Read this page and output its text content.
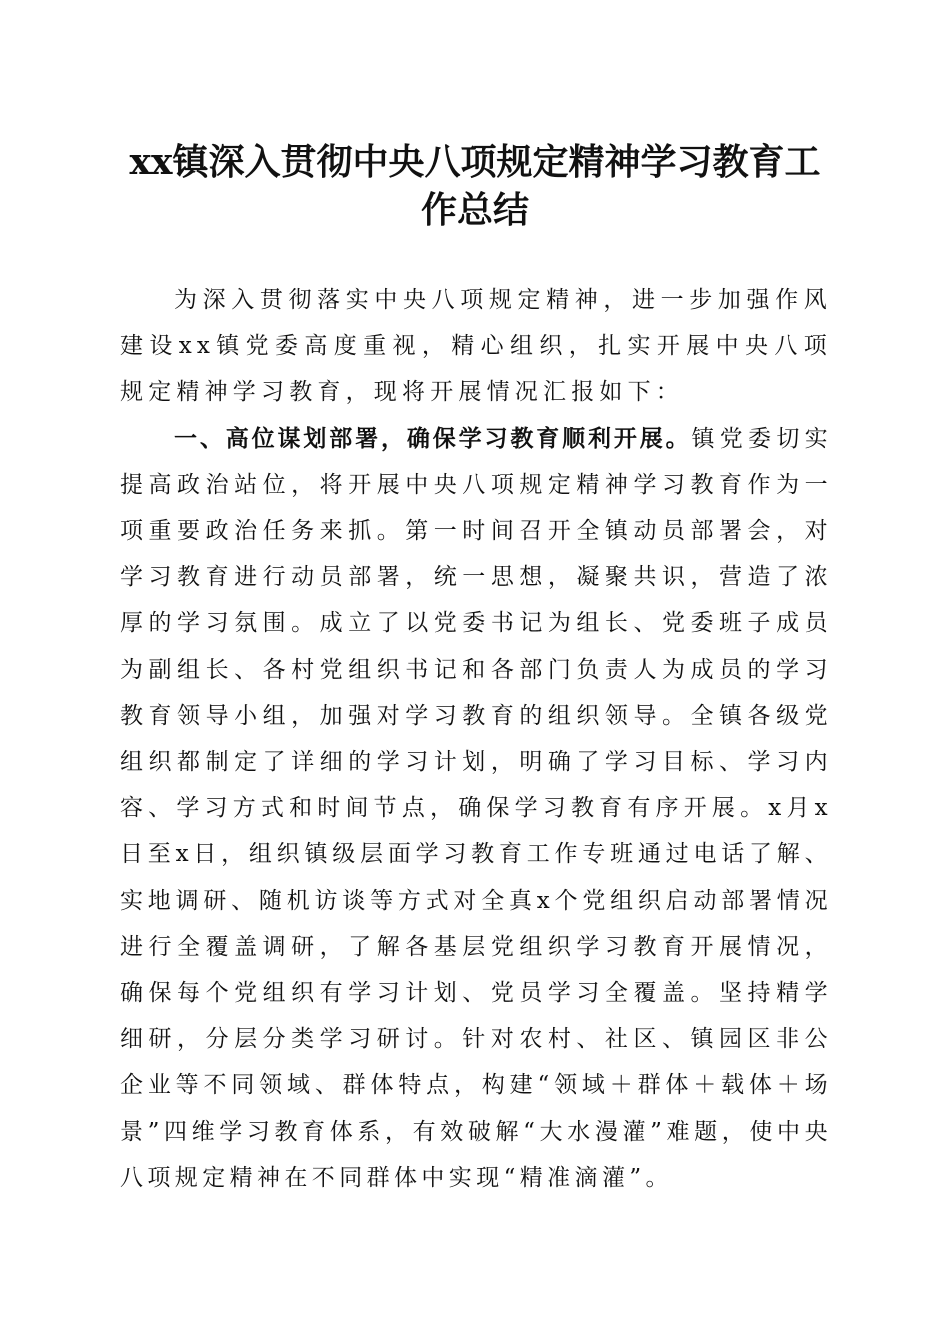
xx镇深入贯彻中央八项规定精神学习教育工
作总结

为深入贯彻落实中央八项规定精神，进一步加强作风建设xx镇党委高度重视，精心组织，扎实开展中央八项规定精神学习教育，现将开展情况汇报如下：

一、高位谋划部署，确保学习教育顺利开展。镇党委切实提高政治站位，将开展中央八项规定精神学习教育作为一项重要政治任务来抓。第一时间召开全镇动员部署会，对学习教育进行动员部署，统一思想，凝聚共识，营造了浓厚的学习氛围。成立了以党委书记为组长、党委班子成员为副组长、各村党组织书记和各部门负责人为成员的学习教育领导小组，加强对学习教育的组织领导。全镇各级党组织都制定了详细的学习计划，明确了学习目标、学习内容、学习方式和时间节点，确保学习教育有序开展。x月x日至x日，组织镇级层面学习教育工作专班通过电话了解、实地调研、随机访谈等方式对全真x个党组织启动部署情况进行全覆盖调研，了解各基层党组织学习教育开展情况，确保每个党组织有学习计划、党员学习全覆盖。坚持精学细研，分层分类学习研讨。针对农村、社区、镇园区非公企业等不同领域、群体特点，构建“领域＋群体＋载体＋场景”四维学习教育体系，有效破解“大水漫灌”难题，使中央八项规定精神在不同群体中实现“精准滴灌”。
